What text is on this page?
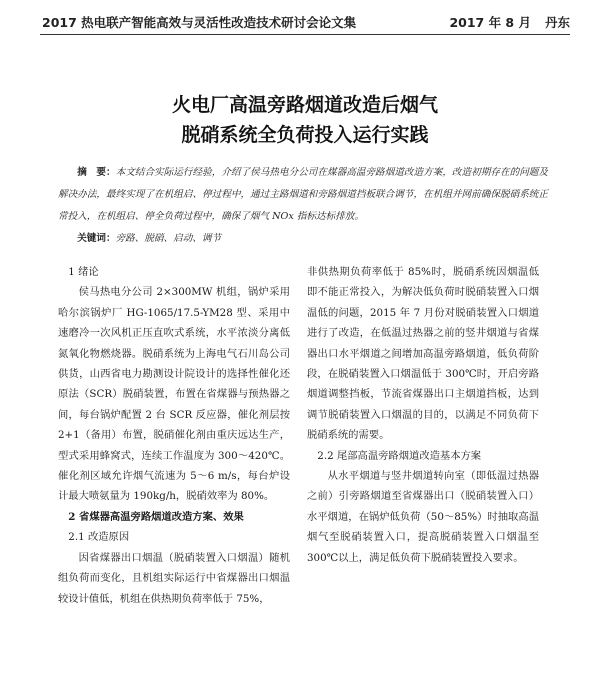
2017 热电联产智能高效与灵活性改造技术研讨会论文集	2017 年 8 月 丹东
火电厂高温旁路烟道改造后烟气
脱硝系统全负荷投入运行实践
摘　要：本文结合实际运行经验，介绍了侯马热电分公司在煤器高温旁路烟道改造方案，改造初期存在的问题及解决办法，最终实现了在机组启、停过程中，通过主路烟道和旁路烟道挡板联合调节，在机组并网前确保脱硝系统正常投入，在机组启、停全负荷过程中，确保了烟气 NOx 指标达标排放。
关键词：旁路、脱硝、启动、调节
1 绪论

侯马热电分公司 2×300MW 机组，锅炉采用哈尔滨锅炉厂 HG-1065/17.5-YM28 型、采用中速磨冷一次风机正压直吹式系统，水平浓淡分离低氮氧化物燃烧器。脱硝系统为上海电气石川岛公司供货，山西省电力勘测设计院设计的选择性催化还原法（SCR）脱硝装置，布置在省煤器与预热器之间，每台锅炉配置 2 台 SCR 反应器，催化剂层按 2+1（备用）布置，脱硝催化剂由重庆远达生产，型式采用蜂窝式，连续工作温度为 300～420℃。催化剂区域允许烟气流速为 5～6 m/s，每台炉设计最大喷氨量为 190kg/h，脱硝效率为 80%。

2 省煤器高温旁路烟道改造方案、效果
2.1 改造原因

因省煤器出口烟温（脱硝装置入口烟温）随机组负荷而变化，且机组实际运行中省煤器出口烟温较设计值低，机组在供热期负荷率低于 75%，

非供热期负荷率低于 85%时，脱硝系统因烟温低即不能正常投入，为解决低负荷时脱硝装置入口烟温低的问题，2015 年 7 月份对脱硝装置入口烟道进行了改造，在低温过热器之前的竖井烟道与省煤器出口水平烟道之间增加高温旁路烟道，低负荷阶段，在脱硝装置入口烟温低于 300℃时，开启旁路烟道调整挡板，节流省煤器出口主烟道挡板，达到调节脱硝装置入口烟温的目的，以满足不同负荷下脱硝系统的需要。

2.2 尾部高温旁路烟道改造基本方案

从水平烟道与竖井烟道转向室（即低温过热器之前）引旁路烟道至省煤器出口（脱硝装置入口）水平烟道，在锅炉低负荷（50～85%）时抽取高温烟气至脱硝装置入口，提高脱硝装置入口烟温至 300℃以上，满足低负荷下脱硝装置投入要求。
